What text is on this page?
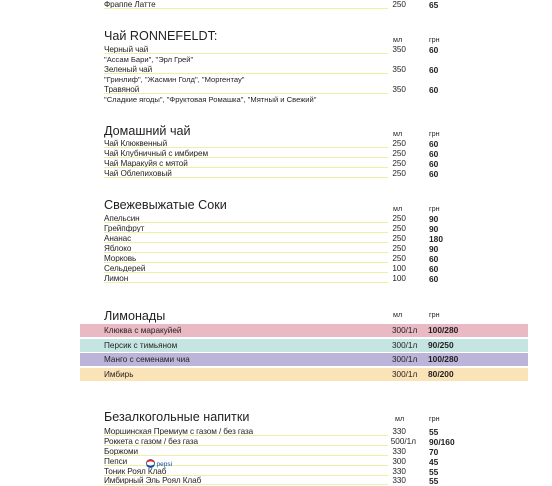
Фраппе Латте	250	65
Чай RONNEFELDT:	мл	грн
Черный чай	350	60
"Ассам Бари", "Эрл Грей"
Зеленый чай	350	60
"Гринлиф", "Жасмин Голд", "Моргентау"
Травяной	350	60
"Сладкие ягоды", "Фруктовая Ромашка", "Мятный и Свежий"
Домашний чай	мл	грн
Чай Клюквенный	250	60
Чай Клубничный с имбирем	250	60
Чай Маракуйя с мятой	250	60
Чай Облепиховый	250	60
Свежевыжатые Соки	мл	грн
Апельсин	250	90
Грейпфрут	250	90
Ананас	250	180
Яблоко	250	90
Морковь	250	60
Сельдерей	100	60
Лимон	100	60
Лимонады	мл	грн
Клюква с маракуйей	300/1л	100/280
Персик с тимьяном	300/1л	90/250
Манго с семенами чиа	300/1л	100/280
Имбирь	300/1л	80/200
Безалкогольные напитки	мл	грн
Моршинская Премиум с газом / без газа	330	55
Роккета с газом / без газа	500/1л 90/160
Боржоми	330	70
Пепси	300	45
pepsi
Тоник Роял Клаб	330	55
Имбирный Эль Роял Клаб	330	55
